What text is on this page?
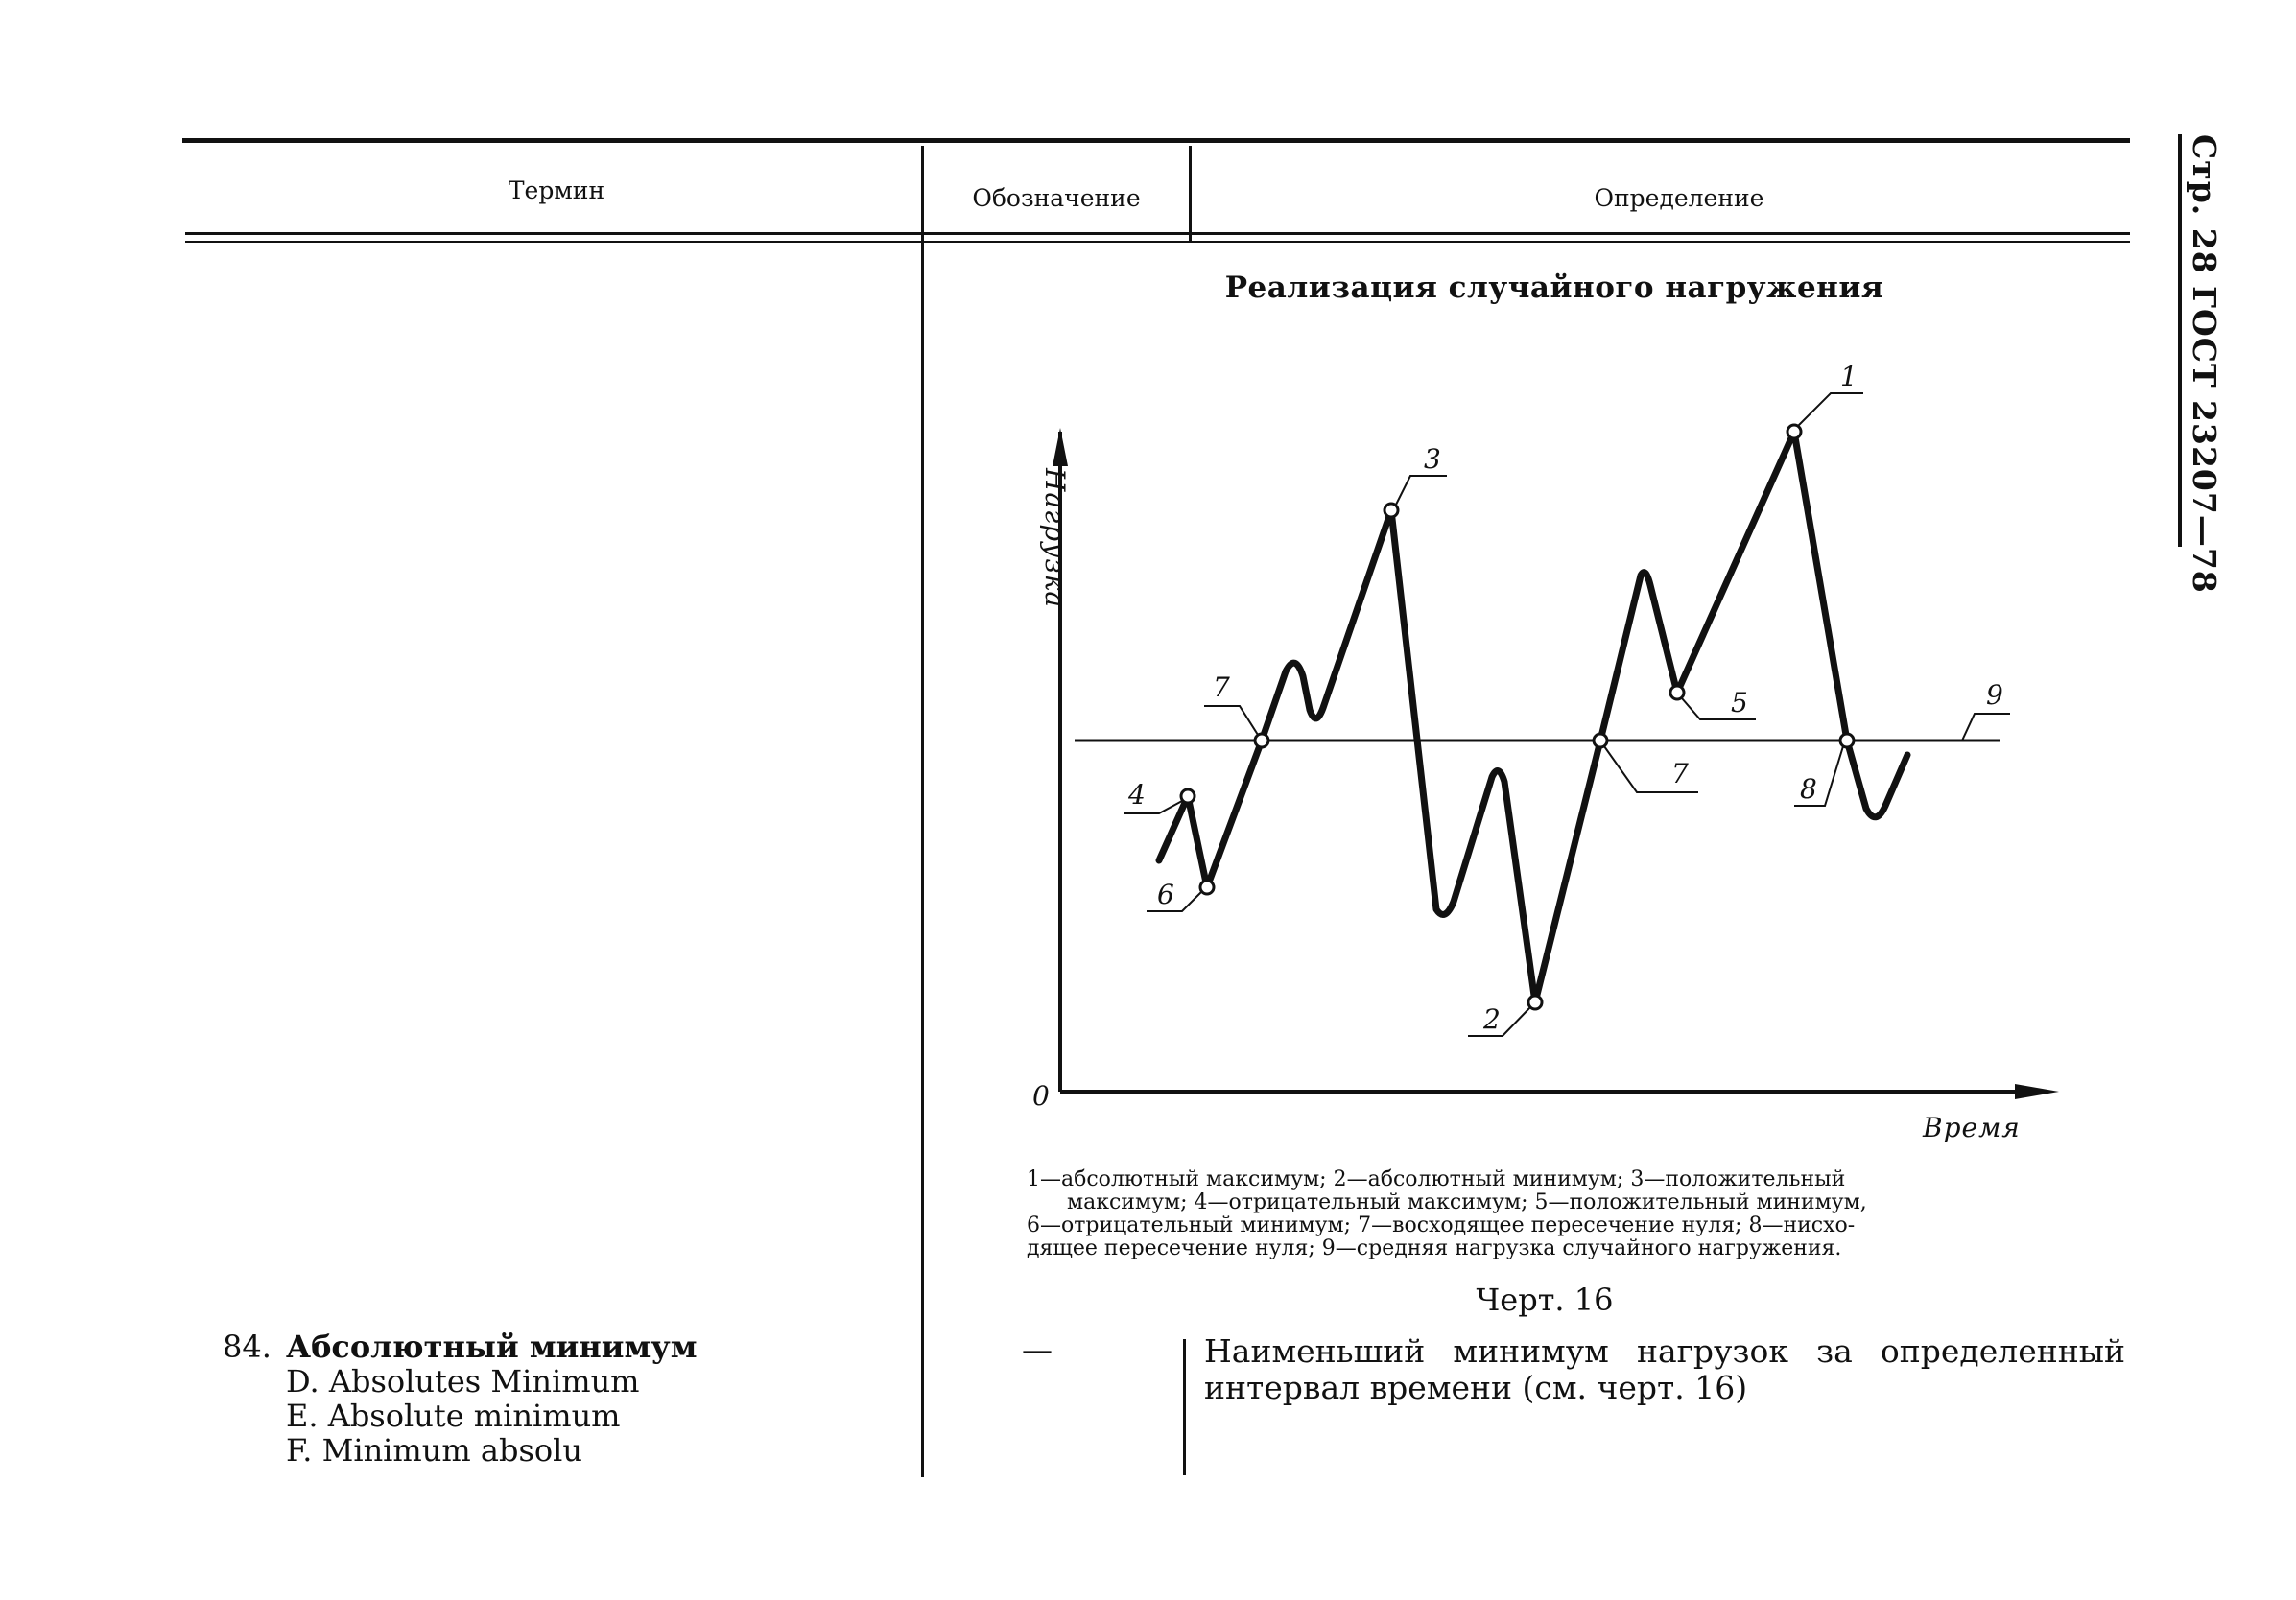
Термин	Обозначение	Определение	Стр. 28 ГОСТ 23207—78
Реализация случайного нагружения
1
2
3
4
5
6
7
7	8
9
0
Время
Нагрузка
1—абсолютный максимум; 2—абсолютный минимум; 3—положительный
максимум; 4—отрицательный максимум; 5—положительный минимум,
6—отрицательный минимум; 7—восходящее пересечение нуля; 8—нисхо-
дящее пересечение нуля; 9—средняя нагрузка случайного нагружения.
Черт. 16
84. Абсолютный минимум
D. Absolutes Minimum
E. Absolute minimum
F. Minimum absolu
—	Наименьший минимум нагрузок за определенный интервал времени (см. черт. 16)
